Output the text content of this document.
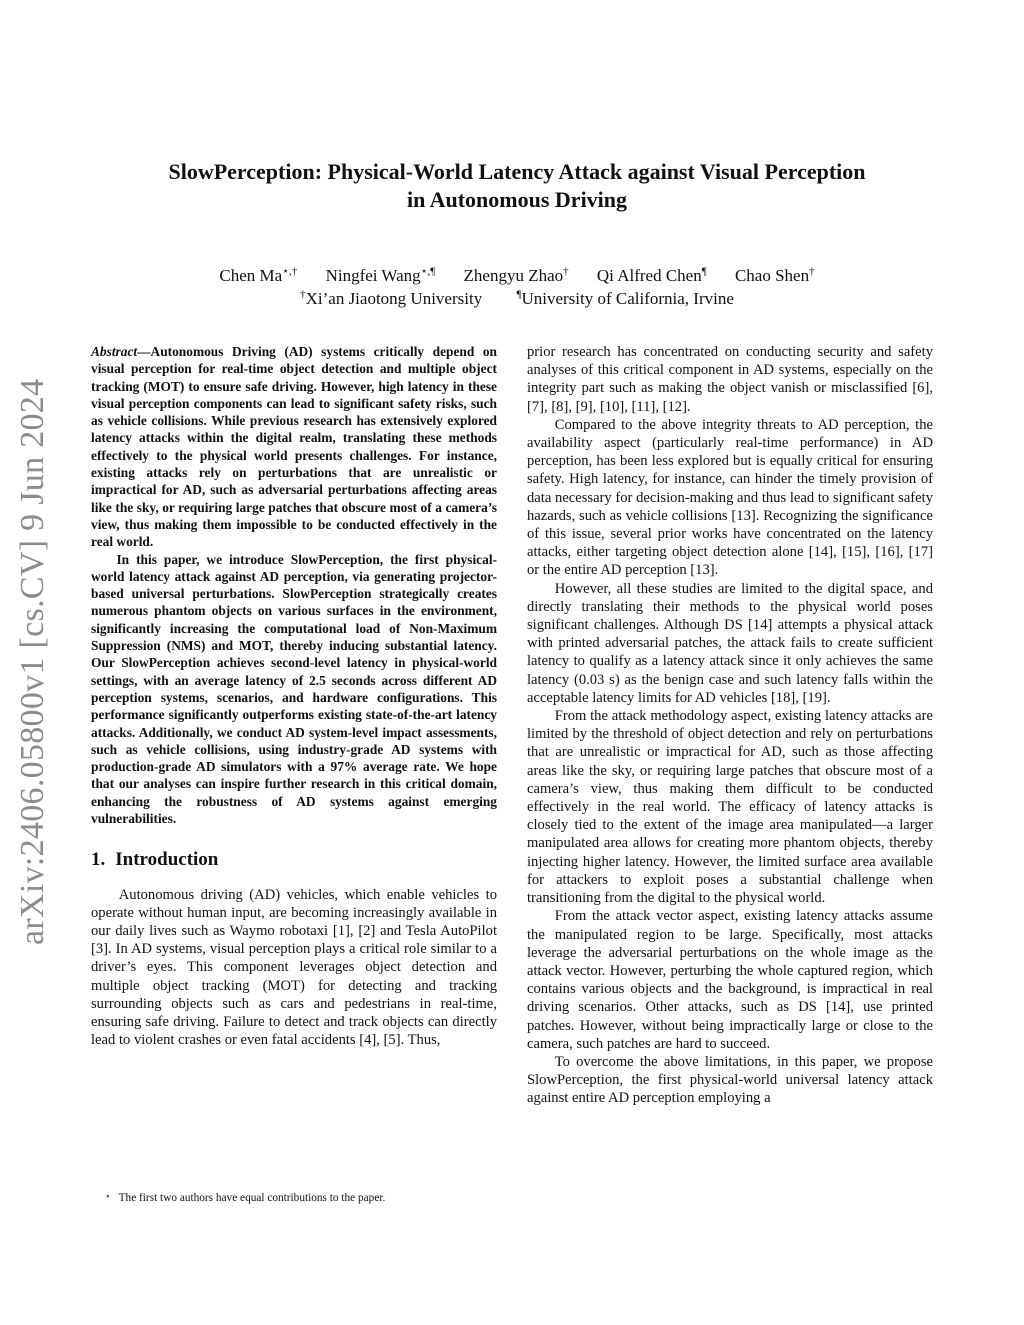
arXiv:2406.05800v1 [cs.CV] 9 Jun 2024
SlowPerception: Physical-World Latency Attack against Visual Perception
in Autonomous Driving
Chen Ma⋆,† Ningfei Wang⋆,¶ Zhengyu Zhao† Qi Alfred Chen¶ Chao Shen†
†Xi’an Jiaotong University	¶University of California, Irvine

Abstract—Autonomous Driving (AD) systems critically depend on visual perception for real-time object detection and multiple object tracking (MOT) to ensure safe driving. However, high latency in these visual perception components can lead to significant safety risks, such as vehicle collisions. While previous research has extensively explored latency attacks within the digital realm, translating these methods effectively to the physical world presents challenges. For instance, existing attacks rely on perturbations that are unrealistic or impractical for AD, such as adversarial perturbations affecting areas like the sky, or requiring large patches that obscure most of a camera’s view, thus making them impossible to be conducted effectively in the real world.

In this paper, we introduce SlowPerception, the first physical-world latency attack against AD perception, via generating projector-based universal perturbations. SlowPerception strategically creates numerous phantom objects on various surfaces in the environment, significantly increasing the computational load of Non-Maximum Suppression (NMS) and MOT, thereby inducing substantial latency. Our SlowPerception achieves second-level latency in physical-world settings, with an average latency of 2.5 seconds across different AD perception systems, scenarios, and hardware configurations. This performance significantly outperforms existing state-of-the-art latency attacks. Additionally, we conduct AD system-level impact assessments, such as vehicle collisions, using industry-grade AD systems with production-grade AD simulators with a 97% average rate. We hope that our analyses can inspire further research in this critical domain, enhancing the robustness of AD systems against emerging vulnerabilities.

1. Introduction

Autonomous driving (AD) vehicles, which enable vehicles to operate without human input, are becoming increasingly available in our daily lives such as Waymo robotaxi [1], [2] and Tesla AutoPilot [3]. In AD systems, visual perception plays a critical role similar to a driver’s eyes. This component leverages object detection and multiple object tracking (MOT) for detecting and tracking surrounding objects such as cars and pedestrians in real-time, ensuring safe driving. Failure to detect and track objects can directly lead to violent crashes or even fatal accidents [4], [5]. Thus,

⋆ The first two authors have equal contributions to the paper.

prior research has concentrated on conducting security and safety analyses of this critical component in AD systems, especially on the integrity part such as making the object vanish or misclassified [6], [7], [8], [9], [10], [11], [12].

Compared to the above integrity threats to AD perception, the availability aspect (particularly real-time performance) in AD perception, has been less explored but is equally critical for ensuring safety. High latency, for instance, can hinder the timely provision of data necessary for decision-making and thus lead to significant safety hazards, such as vehicle collisions [13]. Recognizing the significance of this issue, several prior works have concentrated on the latency attacks, either targeting object detection alone [14], [15], [16], [17] or the entire AD perception [13].

However, all these studies are limited to the digital space, and directly translating their methods to the physical world poses significant challenges. Although DS [14] attempts a physical attack with printed adversarial patches, the attack fails to create sufficient latency to qualify as a latency attack since it only achieves the same latency (0.03 s) as the benign case and such latency falls within the acceptable latency limits for AD vehicles [18], [19].

From the attack methodology aspect, existing latency attacks are limited by the threshold of object detection and rely on perturbations that are unrealistic or impractical for AD, such as those affecting areas like the sky, or requiring large patches that obscure most of a camera’s view, thus making them difficult to be conducted effectively in the real world. The efficacy of latency attacks is closely tied to the extent of the image area manipulated—a larger manipulated area allows for creating more phantom objects, thereby injecting higher latency. However, the limited surface area available for attackers to exploit poses a substantial challenge when transitioning from the digital to the physical world.

From the attack vector aspect, existing latency attacks assume the manipulated region to be large. Specifically, most attacks leverage the adversarial perturbations on the whole image as the attack vector. However, perturbing the whole captured region, which contains various objects and the background, is impractical in real driving scenarios. Other attacks, such as DS [14], use printed patches. However, without being impractically large or close to the camera, such patches are hard to succeed.

To overcome the above limitations, in this paper, we propose SlowPerception, the first physical-world universal latency attack against entire AD perception employing a
